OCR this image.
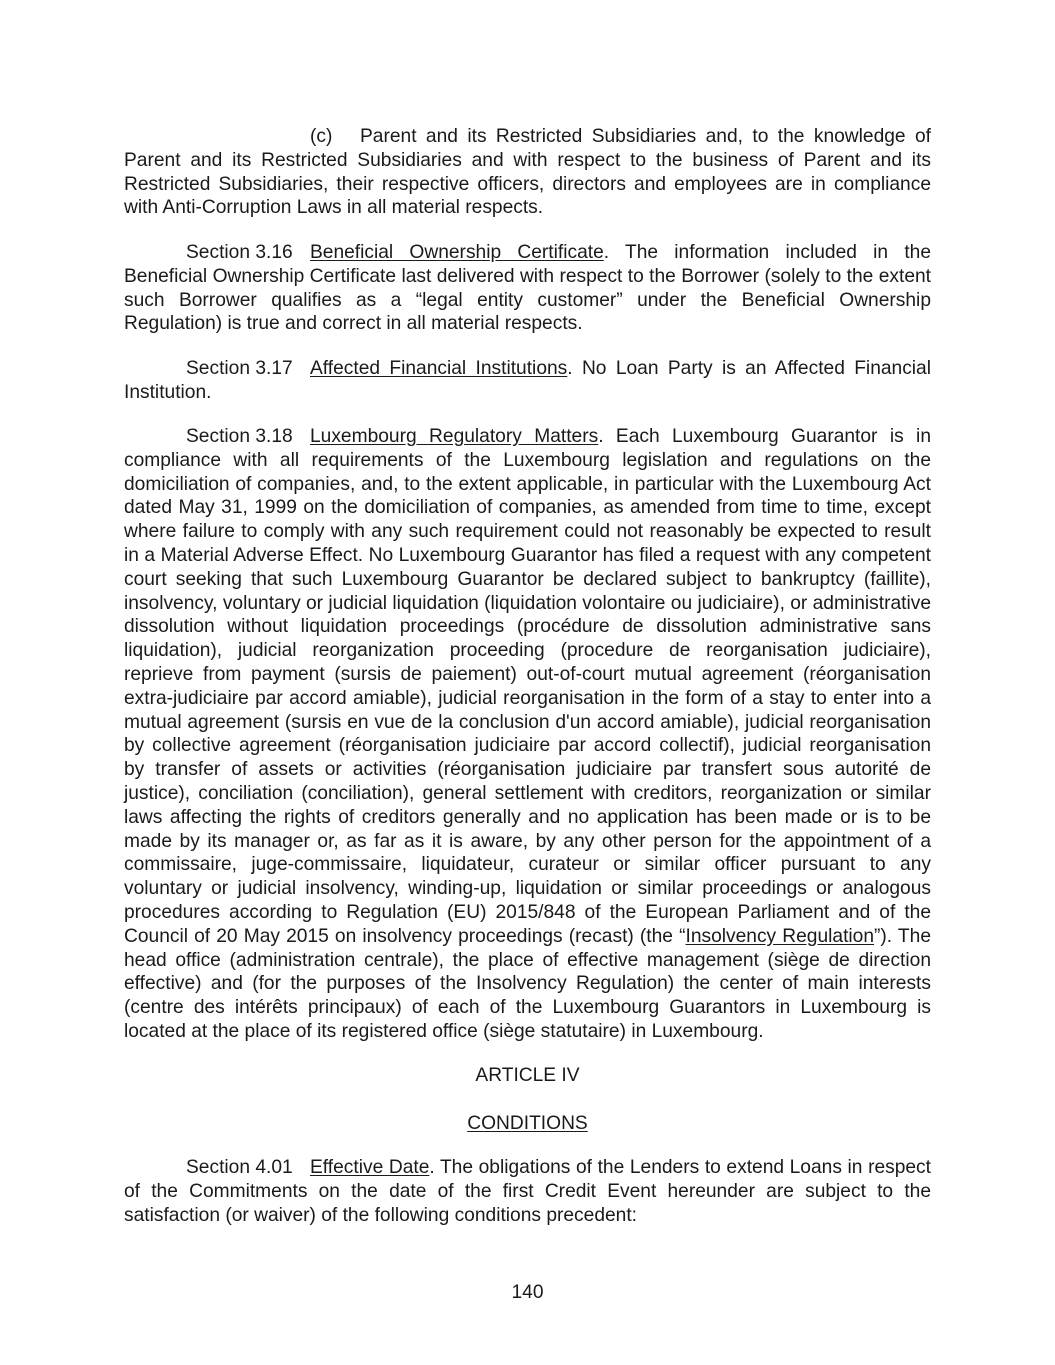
(c) Parent and its Restricted Subsidiaries and, to the knowledge of Parent and its Restricted Subsidiaries and with respect to the business of Parent and its Restricted Subsidiaries, their respective officers, directors and employees are in compliance with Anti-Corruption Laws in all material respects.

Section 3.16 Beneficial Ownership Certificate. The information included in the Beneficial Ownership Certificate last delivered with respect to the Borrower (solely to the extent such Borrower qualifies as a “legal entity customer” under the Beneficial Ownership Regulation) is true and correct in all material respects.

Section 3.17 Affected Financial Institutions. No Loan Party is an Affected Financial Institution.

Section 3.18 Luxembourg Regulatory Matters. Each Luxembourg Guarantor is in compliance with all requirements of the Luxembourg legislation and regulations on the domiciliation of companies, and, to the extent applicable, in particular with the Luxembourg Act dated May 31, 1999 on the domiciliation of companies, as amended from time to time, except where failure to comply with any such requirement could not reasonably be expected to result in a Material Adverse Effect. No Luxembourg Guarantor has filed a request with any competent court seeking that such Luxembourg Guarantor be declared subject to bankruptcy (faillite), insolvency, voluntary or judicial liquidation (liquidation volontaire ou judiciaire), or administrative dissolution without liquidation proceedings (procédure de dissolution administrative sans liquidation), judicial reorganization proceeding (procedure de reorganisation judiciaire), reprieve from payment (sursis de paiement) out-of-court mutual agreement (réorganisation extra-judiciaire par accord amiable), judicial reorganisation in the form of a stay to enter into a mutual agreement (sursis en vue de la conclusion d'un accord amiable), judicial reorganisation by collective agreement (réorganisation judiciaire par accord collectif), judicial reorganisation by transfer of assets or activities (réorganisation judiciaire par transfert sous autorité de justice), conciliation (conciliation), general settlement with creditors, reorganization or similar laws affecting the rights of creditors generally and no application has been made or is to be made by its manager or, as far as it is aware, by any other person for the appointment of a commissaire, juge-commissaire, liquidateur, curateur or similar officer pursuant to any voluntary or judicial insolvency, winding-up, liquidation or similar proceedings or analogous procedures according to Regulation (EU) 2015/848 of the European Parliament and of the Council of 20 May 2015 on insolvency proceedings (recast) (the “Insolvency Regulation”). The head office (administration centrale), the place of effective management (siège de direction effective) and (for the purposes of the Insolvency Regulation) the center of main interests (centre des intérêts principaux) of each of the Luxembourg Guarantors in Luxembourg is located at the place of its registered office (siège statutaire) in Luxembourg.

ARTICLE IV

CONDITIONS

Section 4.01 Effective Date. The obligations of the Lenders to extend Loans in respect of the Commitments on the date of the first Credit Event hereunder are subject to the satisfaction (or waiver) of the following conditions precedent:

140
